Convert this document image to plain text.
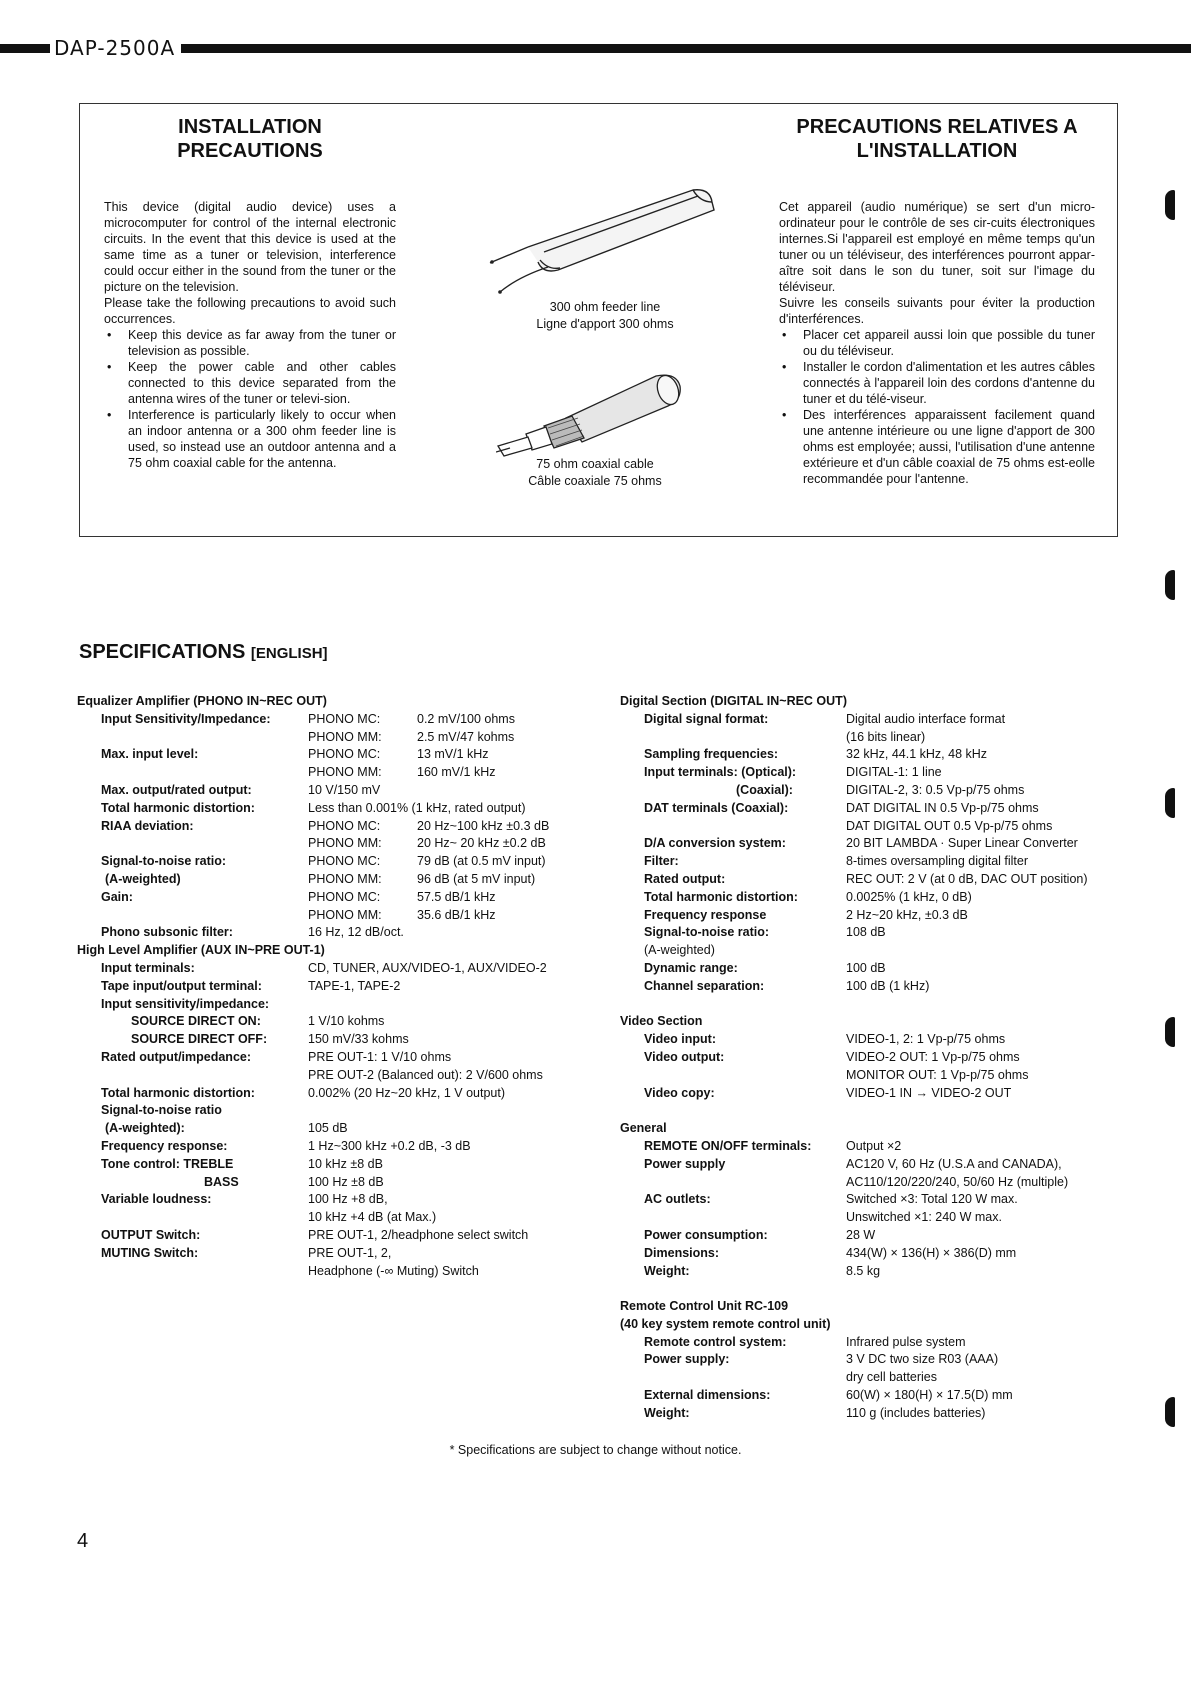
DAP-2500A
INSTALLATION
PRECAUTIONS

This device (digital audio device) uses a microcomputer for control of the internal electronic circuits. In the event that this device is used at the same time as a tuner or television, interference could occur either in the sound from the tuner or the picture on the television.

Please take the following precautions to avoid such occurrences.

• Keep this device as far away from the tuner or television as possible.
• Keep the power cable and other cables connected to this device separated from the antenna wires of the tuner or televi-sion.
• Interference is particularly likely to occur when an indoor antenna or a 300 ohm feeder line is used, so instead use an outdoor antenna and a 75 ohm coaxial cable for the antenna.
PRECAUTIONS RELATIVES A
L'INSTALLATION

Cet appareil (audio numérique) se sert d'un micro-ordinateur pour le contrôle de ses cir-cuits électroniques internes.Si l'appareil est employé en même temps qu'un tuner ou un téléviseur, des interférences pourront appar-aître soit dans le son du tuner, soit sur l'image du téléviseur.

Suivre les conseils suivants pour éviter la production d'interférences.

• Placer cet appareil aussi loin que possible du tuner ou du téléviseur.
• Installer le cordon d'alimentation et les autres câbles connectés à l'appareil loin des cordons d'antenne du tuner et du télé-viseur.
• Des interférences apparaissent facilement quand une antenne intérieure ou une ligne d'apport de 300 ohms est employée; aussi, l'utilisation d'une antenne extérieure et d'un câble coaxial de 75 ohms est-eolle recommandée pour l'antenne.
300 ohm feeder line
Ligne d'apport 300 ohms
75 ohm coaxial cable
Câble coaxiale 75 ohms
SPECIFICATIONS [ENGLISH]
Equalizer Amplifier (PHONO IN~REC OUT)
Input Sensitivity/Impedance:	PHONO MC:	0.2 mV/100 ohms
PHONO MM:	2.5 mV/47 kohms
Max. input level:	PHONO MC:	13 mV/1 kHz
PHONO MM:	160 mV/1 kHz
Max. output/rated output:	10 V/150 mV
Total harmonic distortion:	Less than 0.001% (1 kHz, rated output)
RIAA deviation:	PHONO MC:	20 Hz~100 kHz ±0.3 dB
PHONO MM:	20 Hz~ 20 kHz ±0.2 dB
Signal-to-noise ratio:	PHONO MC:	79 dB (at 0.5 mV input)
(A-weighted)	PHONO MM:	96 dB (at 5 mV input)
Gain:	PHONO MC:	57.5 dB/1 kHz
PHONO MM:	35.6 dB/1 kHz
Phono subsonic filter:	16 Hz, 12 dB/oct.
High Level Amplifier (AUX IN~PRE OUT-1)
Input terminals:	CD, TUNER, AUX/VIDEO-1, AUX/VIDEO-2
Tape input/output terminal:	TAPE-1, TAPE-2
Input sensitivity/impedance:
SOURCE DIRECT ON:	1 V/10 kohms
SOURCE DIRECT OFF:	150 mV/33 kohms
Rated output/impedance:	PRE OUT-1: 1 V/10 ohms
PRE OUT-2 (Balanced out): 2 V/600 ohms
Total harmonic distortion:	0.002% (20 Hz~20 kHz, 1 V output)
Signal-to-noise ratio
(A-weighted):	105 dB
Frequency response:	1 Hz~300 kHz +0.2 dB, -3 dB
Tone control: TREBLE	10 kHz ±8 dB
BASS	100 Hz ±8 dB
Variable loudness:	100 Hz +8 dB,
10 kHz +4 dB (at Max.)
OUTPUT Switch:	PRE OUT-1, 2/headphone select switch
MUTING Switch:	PRE OUT-1, 2,
Headphone (-∞ Muting) Switch
Digital Section (DIGITAL IN~REC OUT)
Digital signal format:	Digital audio interface format
(16 bits linear)
Sampling frequencies:	32 kHz, 44.1 kHz, 48 kHz
Input terminals: (Optical):	DIGITAL-1: 1 line
(Coaxial):	DIGITAL-2, 3: 0.5 Vp-p/75 ohms
DAT terminals (Coaxial):	DAT DIGITAL IN 0.5 Vp-p/75 ohms
DAT DIGITAL OUT 0.5 Vp-p/75 ohms
D/A conversion system:	20 BIT LAMBDA · Super Linear Converter
Filter:	8-times oversampling digital filter
Rated output:	REC OUT: 2 V (at 0 dB, DAC OUT position)
Total harmonic distortion:	0.0025% (1 kHz, 0 dB)
Frequency response	2 Hz~20 kHz, ±0.3 dB
Signal-to-noise ratio:	108 dB
(A-weighted)
Dynamic range:	100 dB
Channel separation:	100 dB (1 kHz)
Video Section
Video input:	VIDEO-1, 2: 1 Vp-p/75 ohms
Video output:	VIDEO-2 OUT: 1 Vp-p/75 ohms
MONITOR OUT: 1 Vp-p/75 ohms
Video copy:	VIDEO-1 IN → VIDEO-2 OUT
General
REMOTE ON/OFF terminals:	Output ×2
Power supply	AC120 V, 60 Hz (U.S.A and CANADA),
AC110/120/220/240, 50/60 Hz (multiple)
AC outlets:	Switched ×3: Total 120 W max.
Unswitched ×1: 240 W max.
Power consumption:	28 W
Dimensions:	434(W) × 136(H) × 386(D) mm
Weight:	8.5 kg
Remote Control Unit RC-109
(40 key system remote control unit)
Remote control system:	Infrared pulse system
Power supply:	3 V DC two size R03 (AAA)
dry cell batteries
External dimensions:	60(W) × 180(H) × 17.5(D) mm
Weight:	110 g (includes batteries)
* Specifications are subject to change without notice.
4
